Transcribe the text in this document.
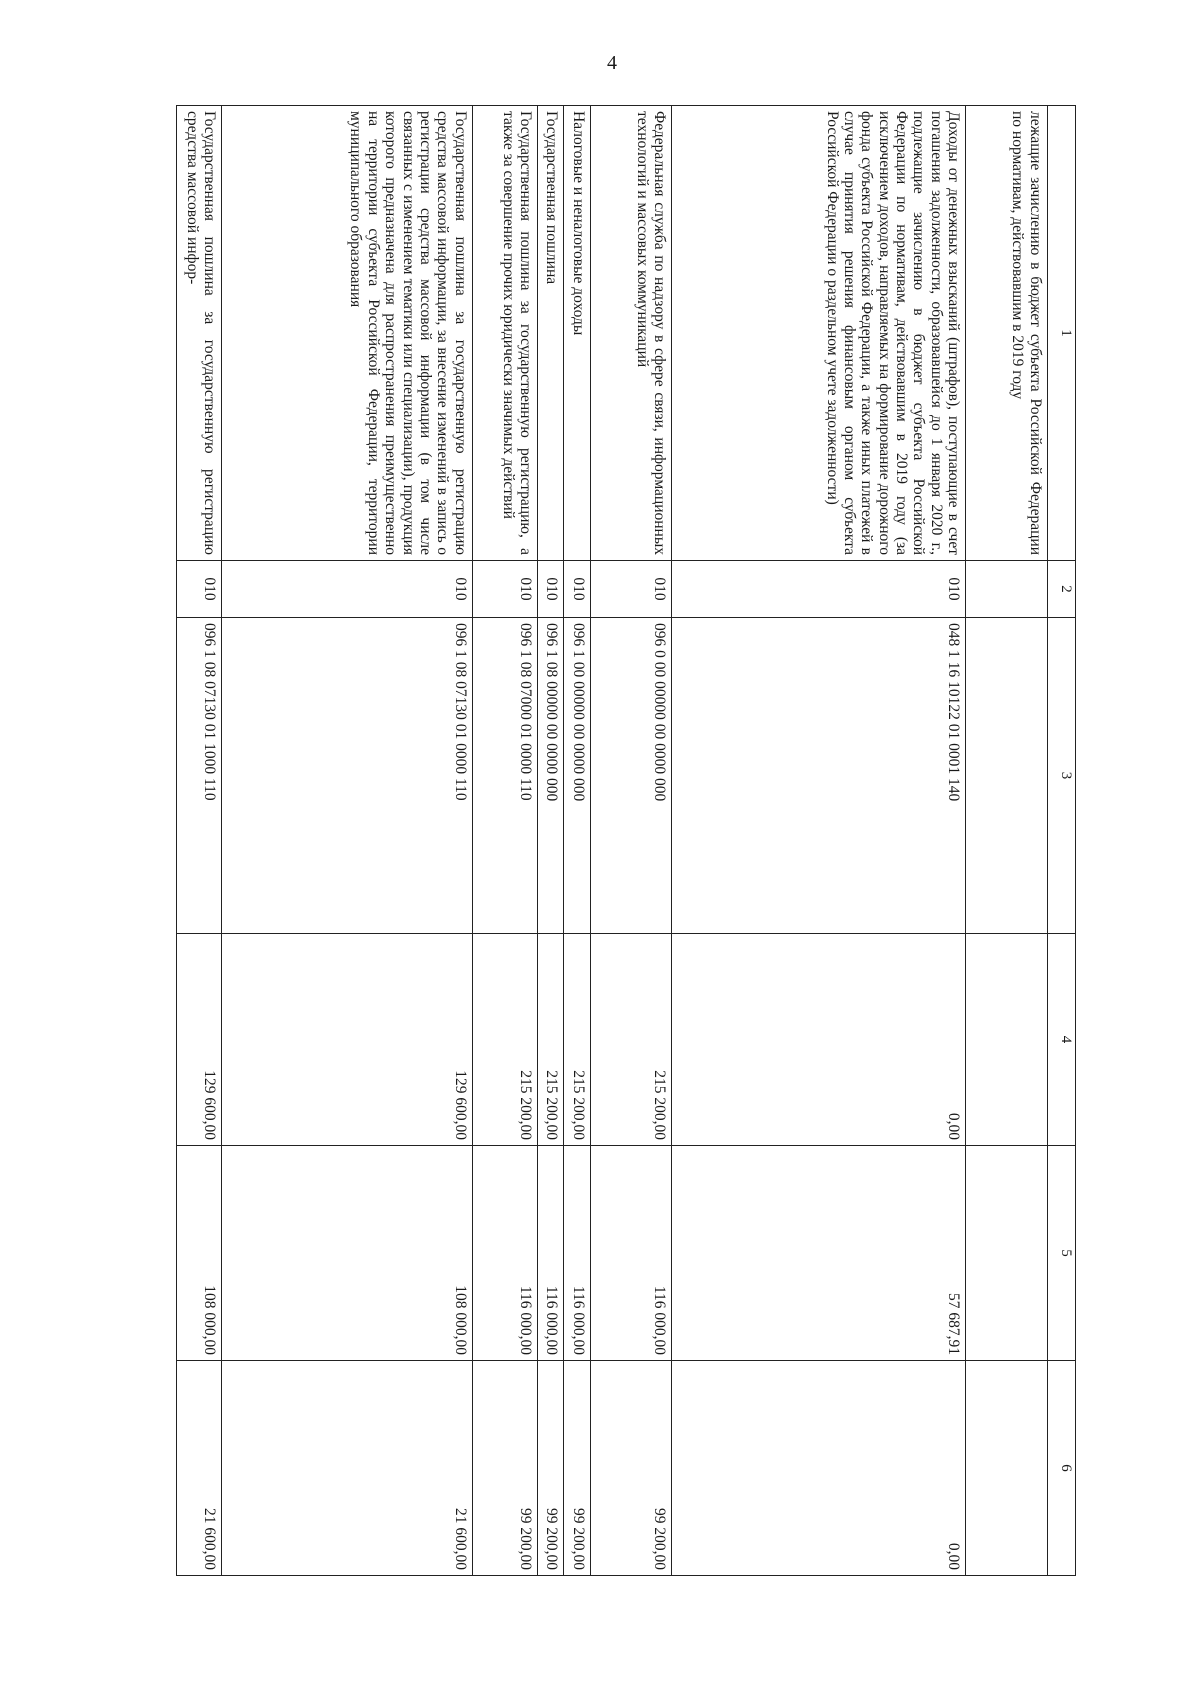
4
1	2	3	4	5	6
лежащие зачислению в бюджет субъекта Российской Федерации по нормативам, действовавшим в 2019 году					
Доходы от денежных взысканий (штрафов), поступающие в счет погашения задолженности, образовавшейся до 1 января 2020 г., подлежащие зачислению в бюджет субъекта Российской Федерации по нормативам, действовавшим в 2019 году (за исключением доходов, направляемых на формирование дорожного фонда субъекта Российской Федерации, а также иных платежей в случае принятия решения финансовым органом субъекта Российской Федерации о раздельном учете задолженности)	010	048 1 16 10122 01 0001 140	0,00	57 687,91	0,00
Федеральная служба по надзору в сфере связи, информационных технологий и массовых коммуникаций	010	096 0 00 00000 00 0000 000	215 200,00	116 000,00	99 200,00
Налоговые и неналоговые доходы	010	096 1 00 00000 00 0000 000	215 200,00	116 000,00	99 200,00
Государственная пошлина	010	096 1 08 00000 00 0000 000	215 200,00	116 000,00	99 200,00
Государственная пошлина за государственную регистрацию, а также за совершение прочих юридически значимых действий	010	096 1 08 07000 01 0000 110	215 200,00	116 000,00	99 200,00
Государственная пошлина за государственную регистрацию средства массовой информации, за внесение изменений в запись о регистрации средства массовой информации (в том числе связанных с изменением тематики или специализации), продукция которого предназначена для распространения преимущественно на территории субъекта Российской Федерации, территории муниципального образования	010	096 1 08 07130 01 0000 110	129 600,00	108 000,00	21 600,00
Государственная пошлина за государственную регистрацию средства массовой инфор-	010	096 1 08 07130 01 1000 110	129 600,00	108 000,00	21 600,00
